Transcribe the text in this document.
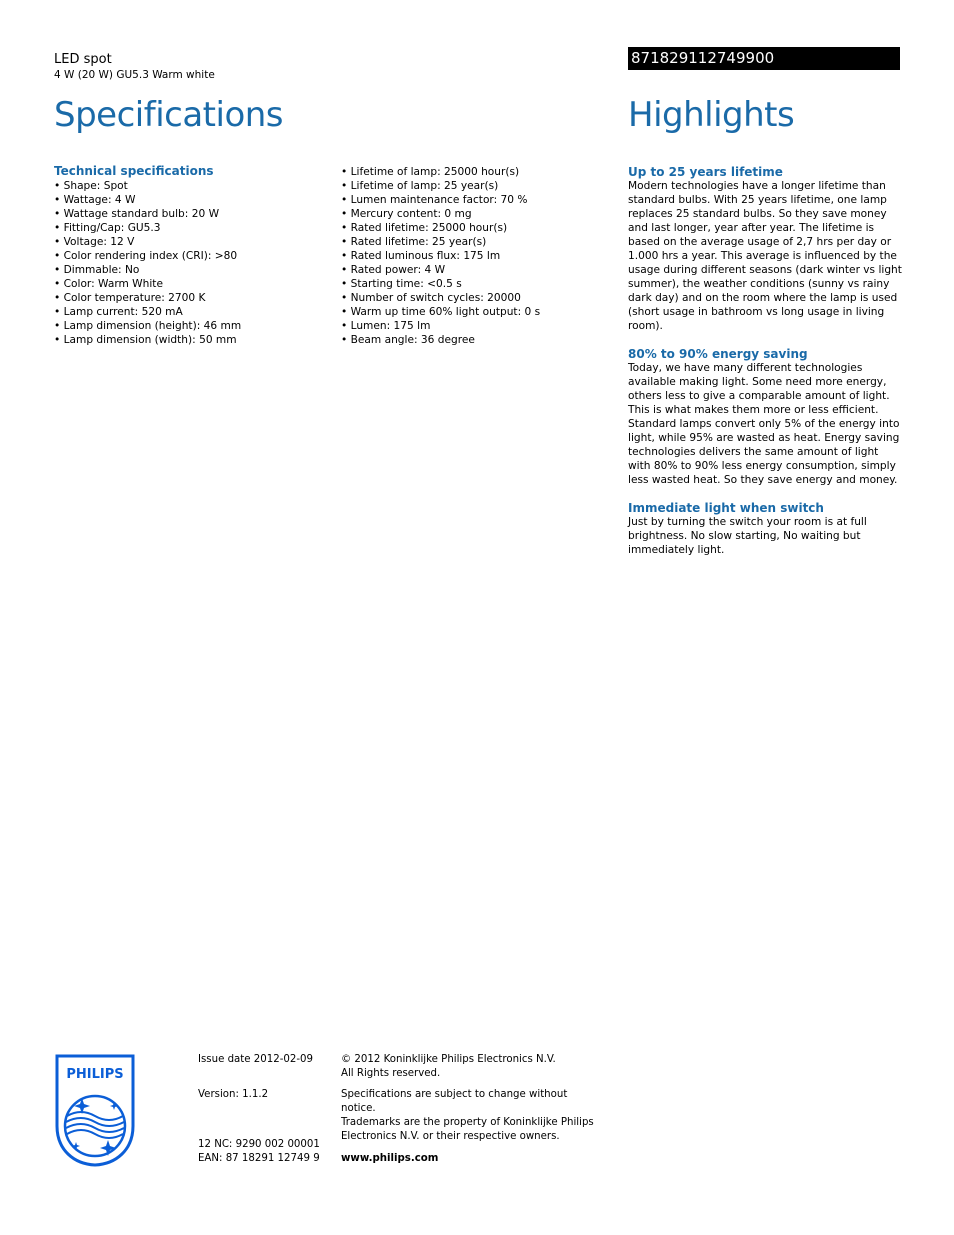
LED spot
4 W (20 W) GU5.3 Warm white
871829112749900
Specifications	Highlights
Technical specifications
• Shape: Spot
• Wattage: 4 W
• Wattage standard bulb: 20 W
• Fitting/Cap: GU5.3
• Voltage: 12 V
• Color rendering index (CRI): >80
• Dimmable: No
• Color: Warm White
• Color temperature: 2700 K
• Lamp current: 520 mA
• Lamp dimension (height): 46 mm
• Lamp dimension (width): 50 mm
• Lifetime of lamp: 25000 hour(s)
• Lifetime of lamp: 25 year(s)
• Lumen maintenance factor: 70 %
• Mercury content: 0 mg
• Rated lifetime: 25000 hour(s)
• Rated lifetime: 25 year(s)
• Rated luminous flux: 175 lm
• Rated power: 4 W
• Starting time: <0.5 s
• Number of switch cycles: 20000
• Warm up time 60% light output: 0 s
• Lumen: 175 lm
• Beam angle: 36 degree
Up to 25 years lifetime
Modern technologies have a longer lifetime than standard bulbs. With 25 years lifetime, one lamp replaces 25 standard bulbs. So they save money and last longer, year after year. The lifetime is based on the average usage of 2,7 hrs per day or 1.000 hrs a year. This average is influenced by the usage during different seasons (dark winter vs light summer), the weather conditions (sunny vs rainy dark day) and on the room where the lamp is used (short usage in bathroom vs long usage in living room).
80% to 90% energy saving
Today, we have many different technologies available making light. Some need more energy, others less to give a comparable amount of light. This is what makes them more or less efficient. Standard lamps convert only 5% of the energy into light, while 95% are wasted as heat. Energy saving technologies delivers the same amount of light with 80% to 90% less energy consumption, simply less wasted heat. So they save energy and money.
Immediate light when switch
Just by turning the switch your room is at full brightness. No slow starting, No waiting but immediately light.
PHILIPS
Issue date 2012-02-09
Version: 1.1.2
12 NC: 9290 002 00001
EAN: 87 18291 12749 9
© 2012 Koninklijke Philips Electronics N.V.
All Rights reserved.
Specifications are subject to change without notice.
Trademarks are the property of Koninklijke Philips
Electronics N.V. or their respective owners.
www.philips.com
